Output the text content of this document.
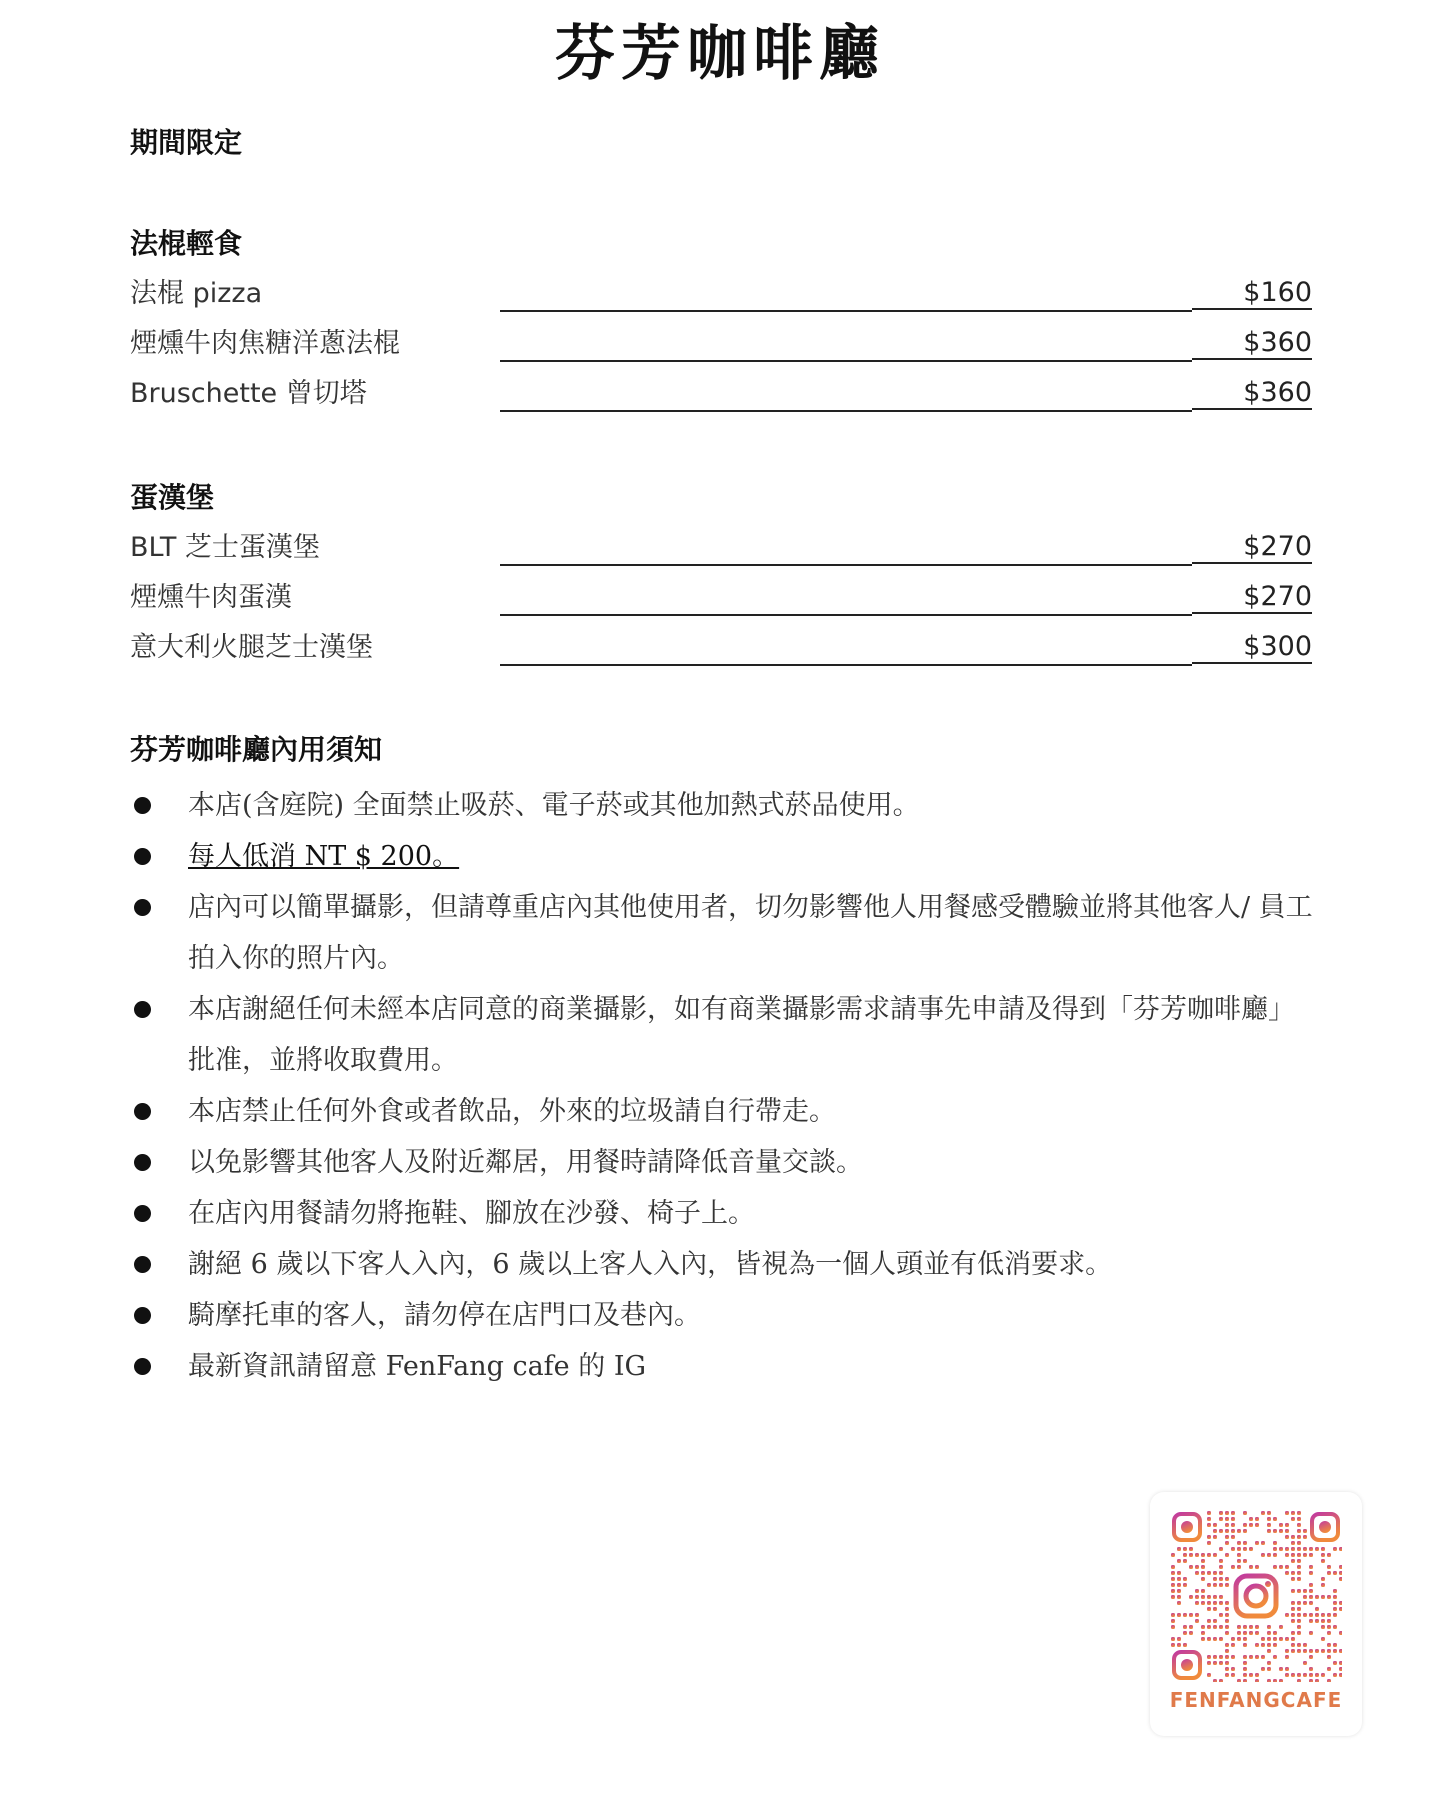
芬芳咖啡廳
期間限定
法棍輕食
法棍 pizza	$160
煙燻牛肉焦糖洋蔥法棍	$360
Bruschette 曾切塔	$360
蛋漢堡
BLT 芝士蛋漢堡	$270
煙燻牛肉蛋漢	$270
意大利火腿芝士漢堡	$300
芬芳咖啡廳內用須知
本店(含庭院) 全面禁止吸菸、電子菸或其他加熱式菸品使用。
每人低消 NT $ 200。
店內可以簡單攝影，但請尊重店內其他使用者，切勿影響他人用餐感受體驗並將其他客人/ 員工拍入你的照片內。
本店謝絕任何未經本店同意的商業攝影，如有商業攝影需求請事先申請及得到「芬芳咖啡廳」批准，並將收取費用。
本店禁止任何外食或者飲品，外來的垃圾請自行帶走。
以免影響其他客人及附近鄰居，用餐時請降低音量交談。
在店內用餐請勿將拖鞋、腳放在沙發、椅子上。
謝絕 6 歲以下客人入內，6 歲以上客人入內，皆視為一個人頭並有低消要求。
騎摩托車的客人，請勿停在店門口及巷內。
最新資訊請留意 FenFang cafe 的 IG
FENFANGCAFE
